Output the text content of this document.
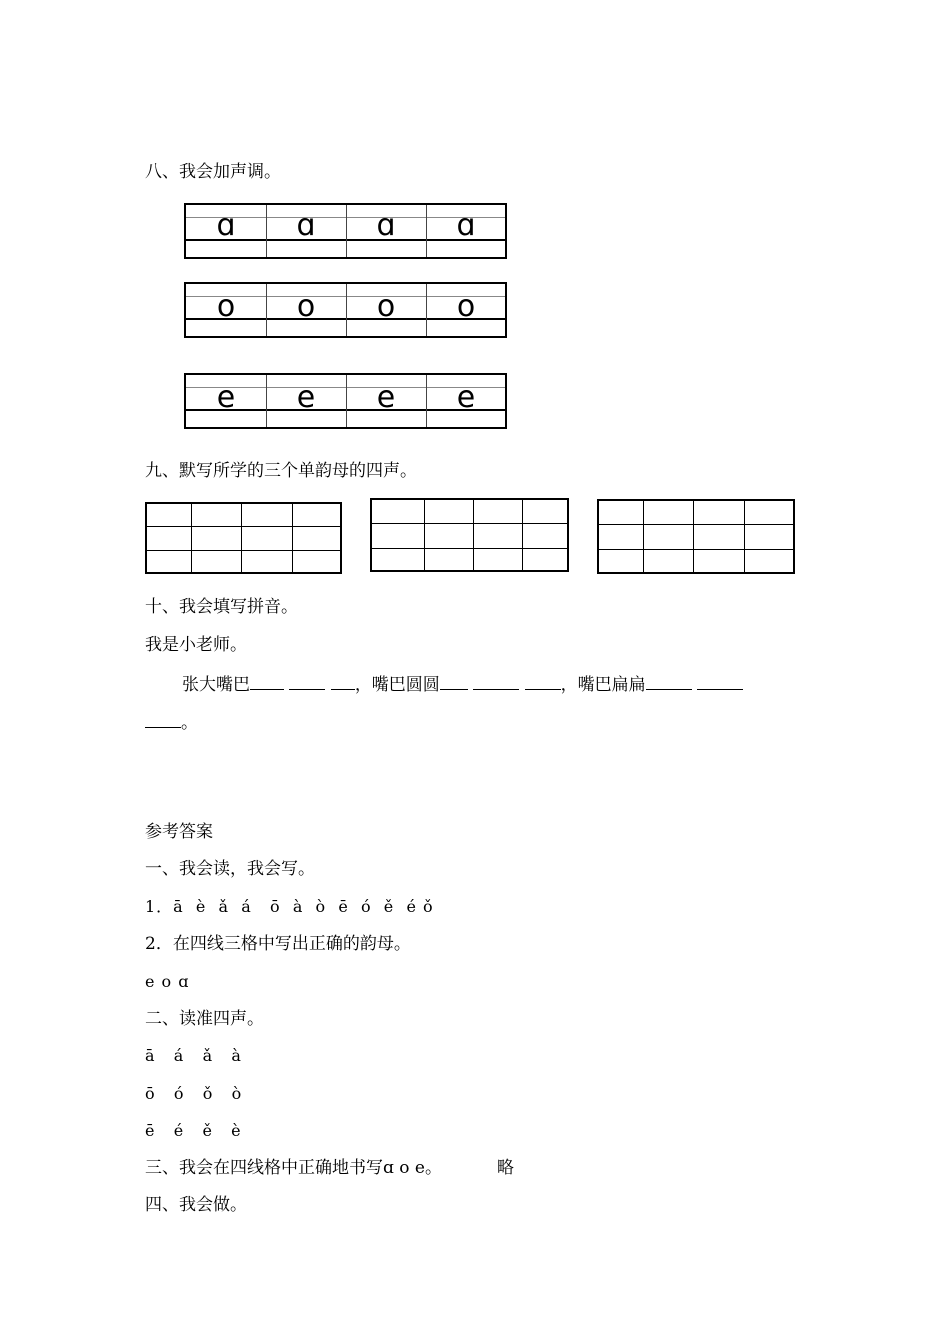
八、我会加声调。
ɑ	ɑ	ɑ	ɑ
o	o	o	o
e	e	e	e
九、默写所学的三个单韵母的四声。
十、我会填写拼音。
我是小老师。
张大嘴巴	，嘴巴圆圆	，嘴巴扁扁
。
参考答案
一、我会读，我会写。
1．ā  è  ǎ  á   ō  à  ò  ē  ó  ě  é ǒ
2．在四线三格中写出正确的韵母。
e o ɑ
二、读准四声。
ā   á   ǎ   à
ō   ó   ǒ   ò
ē   é   ě   è
三、我会在四线格中正确地书写ɑ o e。	略
四、我会做。
